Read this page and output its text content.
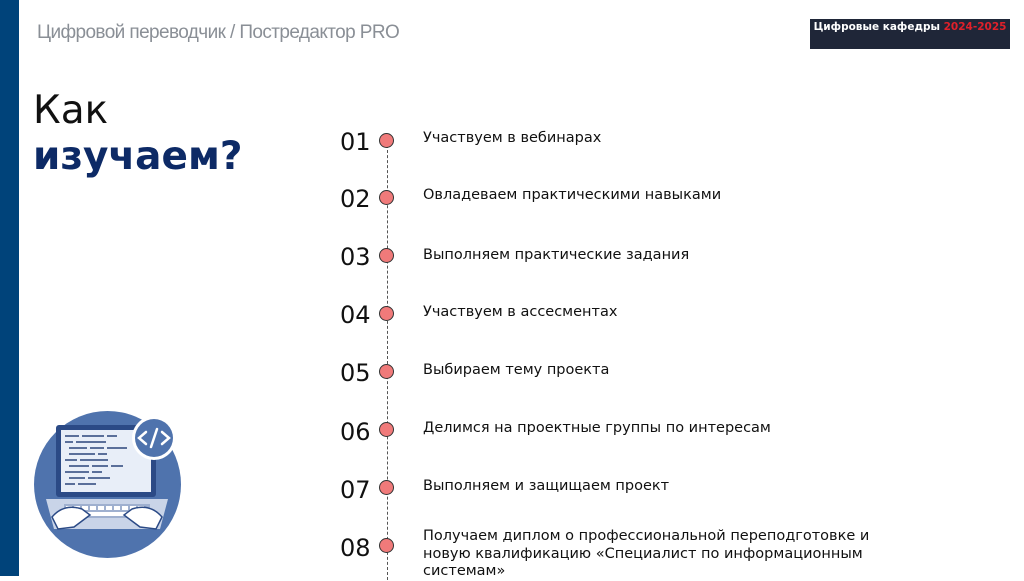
Цифровой переводчик / Постредактор PRO	Цифровые кафедры 2024-2025
Как
изучаем?	01	Участвуем в вебинарах
02	Овладеваем практическими навыками
03	Выполняем практические задания
04	Участвуем в ассесментах
05	Выбираем тему проекта
06	Делимся на проектные группы по интересам
07	Выполняем и защищаем проект
08	Получаем диплом о профессиональной переподготовке и новую квалификацию «Специалист по информационным системам»
